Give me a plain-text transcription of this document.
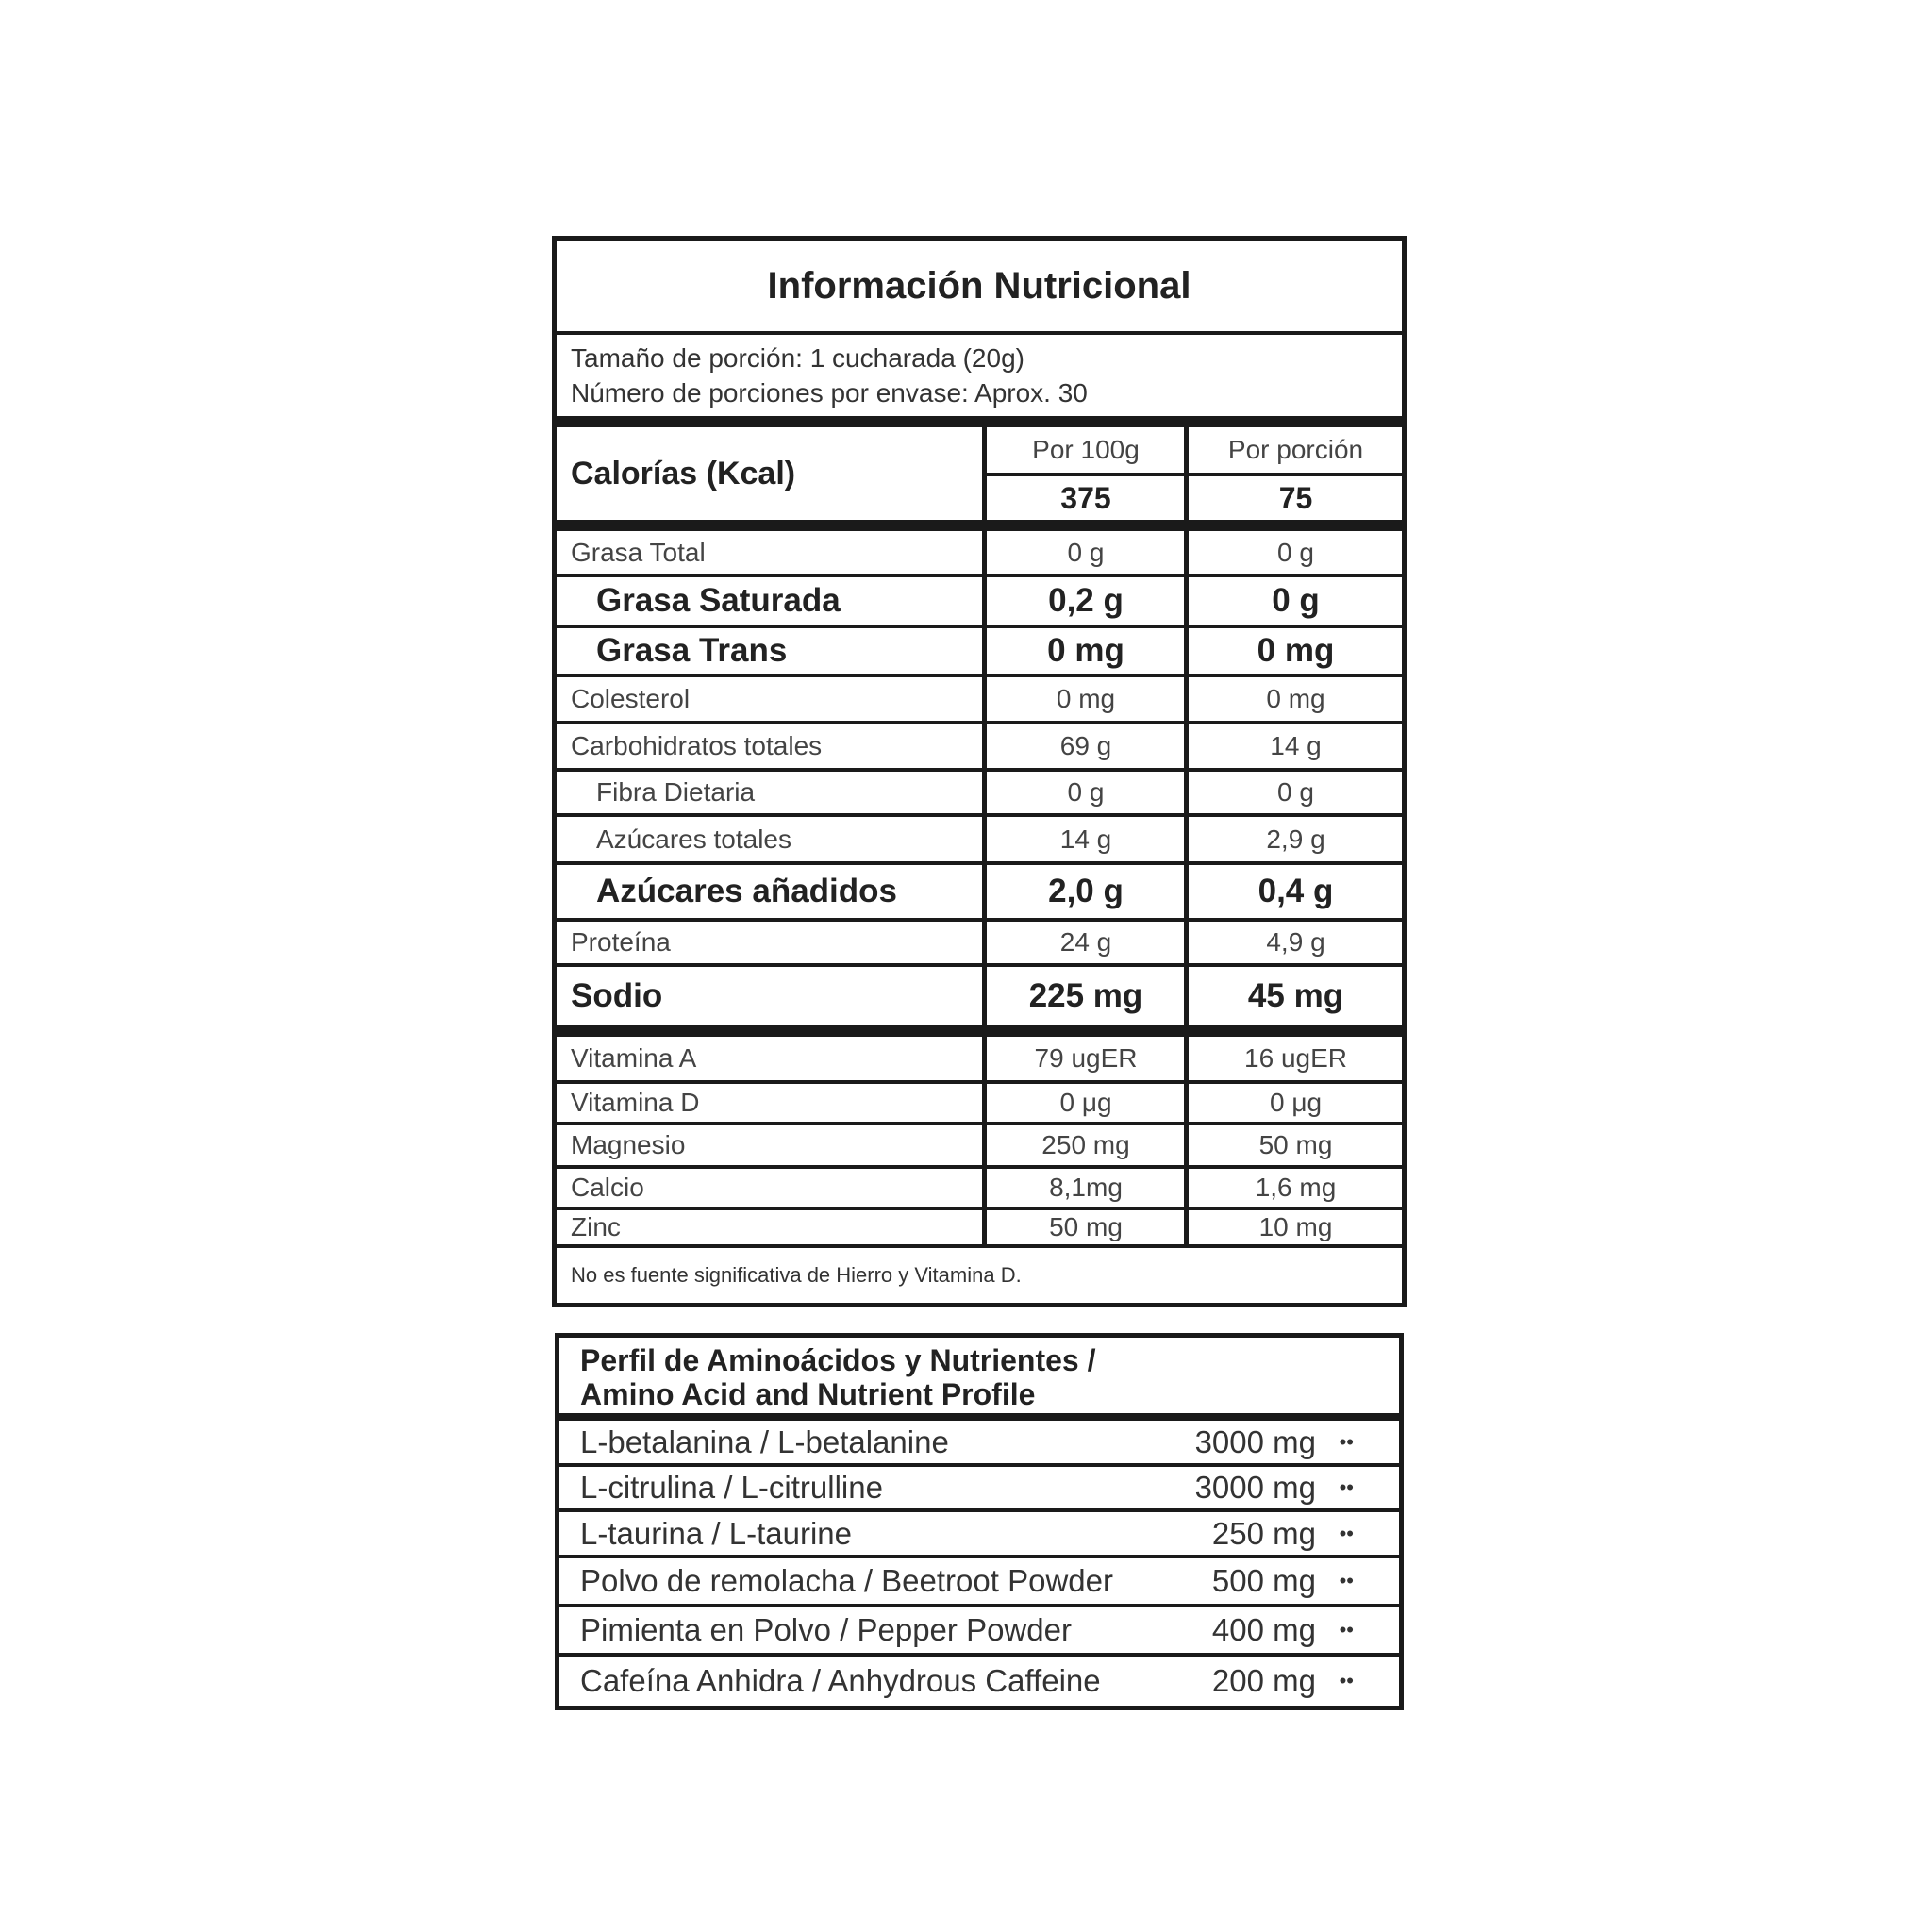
Información Nutricional
Tamaño de porción: 1 cucharada (20g)
Número de porciones por envase: Aprox. 30
Calorías (Kcal)
Por 100g	Por porción
375	75
Grasa Total	0 g	0 g
Grasa Saturada	0,2 g	0 g
Grasa Trans	0 mg	0 mg
Colesterol	0 mg	0 mg
Carbohidratos totales	69 g	14 g
Fibra Dietaria	0 g	0 g
Azúcares totales	14 g	2,9 g
Azúcares añadidos	2,0 g	0,4 g
Proteína	24 g	4,9 g
Sodio	225 mg	45 mg
Vitamina A	79 ugER	16 ugER
Vitamina D	0 μg	0 μg
Magnesio	250 mg	50 mg
Calcio	8,1mg	1,6 mg
Zinc	50 mg	10 mg
No es fuente significativa de Hierro y Vitamina D.
Perfil de Aminoácidos y Nutrientes /
Amino Acid and Nutrient Profile
L-betalanina / L-betalanine	3000 mg ••
L-citrulina / L-citrulline	3000 mg ••
L-taurina / L-taurine	250 mg ••
Polvo de remolacha / Beetroot Powder	500 mg ••
Pimienta en Polvo / Pepper Powder	400 mg ••
Cafeína Anhidra / Anhydrous Caffeine	200 mg ••
